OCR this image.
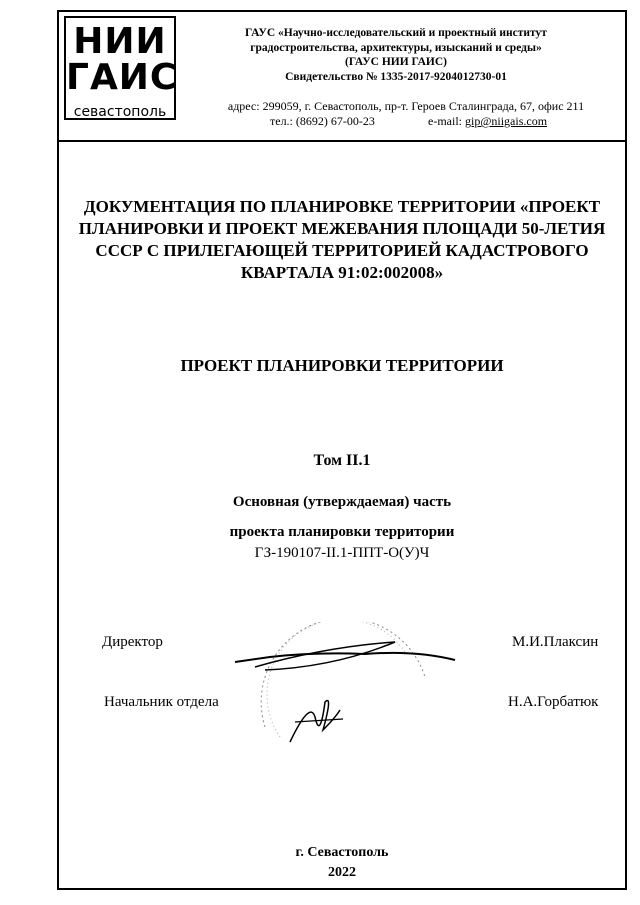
НИИ
ГАИС
севастополь
ГАУС «Научно-исследовательский и проектный институт
градостроительства, архитектуры, изысканий и среды»
(ГАУС НИИ ГАИС)
Свидетельство № 1335-2017-9204012730-01
адрес: 299059, г. Севастополь, пр-т. Героев Сталинграда, 67, офис 211
тел.: (8692) 67-00-23	e-mail: gip@niigais.com
ДОКУМЕНТАЦИЯ ПО ПЛАНИРОВКЕ ТЕРРИТОРИИ «ПРОЕКТ
ПЛАНИРОВКИ И ПРОЕКТ МЕЖЕВАНИЯ ПЛОЩАДИ 50-ЛЕТИЯ
СССР С ПРИЛЕГАЮЩЕЙ ТЕРРИТОРИЕЙ КАДАСТРОВОГО
КВАРТАЛА 91:02:002008»
ПРОЕКТ ПЛАНИРОВКИ ТЕРРИТОРИИ
Том II.1
Основная (утверждаемая) часть
проекта планировки территории
ГЗ-190107-II.1-ППТ-О(У)Ч
Директор	М.И.Плаксин
Начальник отдела	Н.А.Горбатюк
г. Севастополь
2022
